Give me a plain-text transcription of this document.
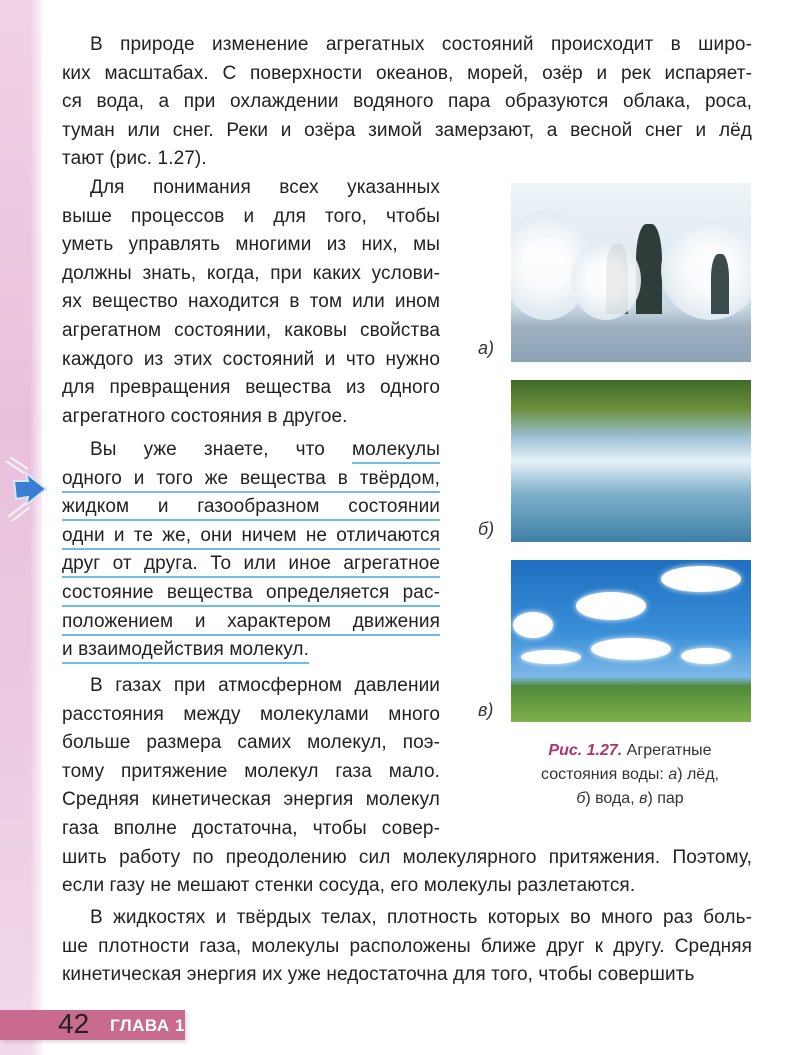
В природе изменение агрегатных состояний происходит в широ-
ких масштабах. С поверхности океанов, морей, озёр и рек испаряет-
ся вода, а при охлаждении водяного пара образуются облака, роса,
туман или снег. Реки и озёра зимой замерзают, а весной снег и лёд
тают (рис. 1.27).
Для понимания всех указанных
выше процессов и для того, чтобы
уметь управлять многими из них, мы
должны знать, когда, при каких услови-
ях вещество находится в том или ином
агрегатном состоянии, каковы свойства
каждого из этих состояний и что нужно
для превращения вещества из одного
агрегатного состояния в другое.
Вы уже знаете, что молекулы
одного и того же вещества в твёрдом,
жидком и газообразном состоянии
одни и те же, они ничем не отличаются
друг от друга. То или иное агрегатное
состояние вещества определяется рас-
положением и характером движения
и взаимодействия молекул.
В газах при атмосферном давлении
расстояния между молекулами много
больше размера самих молекул, поэ-
тому притяжение молекул газа мало.
Средняя кинетическая энергия молекул
газа вполне достаточна, чтобы совер-
шить работу по преодолению сил молекулярного притяжения. Поэтому,
если газу не мешают стенки сосуда, его молекулы разлетаются.
В жидкостях и твёрдых телах, плотность которых во много раз боль-
ше плотности газа, молекулы расположены ближе друг к другу. Средняя
кинетическая энергия их уже недостаточна для того, чтобы совершить
а)
б)
в)
Рис. 1.27. Агрегатные
состояния воды: а) лёд,
б) вода, в) пар
42 ГЛАВА 1
